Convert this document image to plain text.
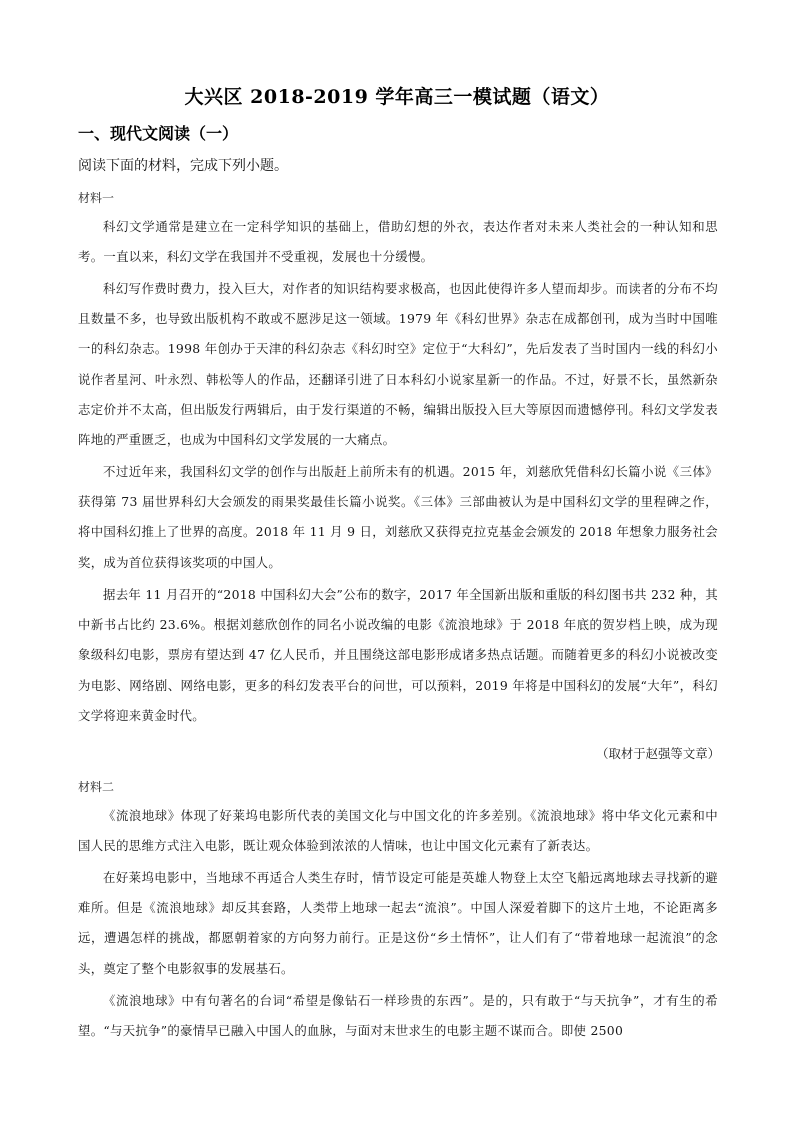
大兴区 2018-2019 学年高三一模试题（语文）
一、现代文阅读（一）
阅读下面的材料，完成下列小题。
材料一

科幻文学通常是建立在一定科学知识的基础上，借助幻想的外衣，表达作者对未来人类社会的一种认知和思考。一直以来，科幻文学在我国并不受重视，发展也十分缓慢。

科幻写作费时费力，投入巨大，对作者的知识结构要求极高，也因此使得许多人望而却步。而读者的分布不均且数量不多，也导致出版机构不敢或不愿涉足这一领域。1979 年《科幻世界》杂志在成都创刊，成为当时中国唯一的科幻杂志。1998 年创办于天津的科幻杂志《科幻时空》定位于“大科幻”，先后发表了当时国内一线的科幻小说作者星河、叶永烈、韩松等人的作品，还翻译引进了日本科幻小说家星新一的作品。不过，好景不长，虽然新杂志定价并不太高，但出版发行两辑后，由于发行渠道的不畅，编辑出版投入巨大等原因而遗憾停刊。科幻文学发表阵地的严重匮乏，也成为中国科幻文学发展的一大痛点。

不过近年来，我国科幻文学的创作与出版赶上前所未有的机遇。2015 年，刘慈欣凭借科幻长篇小说《三体》获得第 73 届世界科幻大会颁发的雨果奖最佳长篇小说奖。《三体》三部曲被认为是中国科幻文学的里程碑之作，将中国科幻推上了世界的高度。2018 年 11 月 9 日，刘慈欣又获得克拉克基金会颁发的 2018 年想象力服务社会奖，成为首位获得该奖项的中国人。

据去年 11 月召开的“2018 中国科幻大会”公布的数字，2017 年全国新出版和重版的科幻图书共 232 种，其中新书占比约 23.6%。根据刘慈欣创作的同名小说改编的电影《流浪地球》于 2018 年底的贺岁档上映，成为现象级科幻电影，票房有望达到 47 亿人民币，并且围绕这部电影形成诸多热点话题。而随着更多的科幻小说被改变为电影、网络剧、网络电影，更多的科幻发表平台的问世，可以预料，2019 年将是中国科幻的发展“大年”，科幻文学将迎来黄金时代。

（取材于赵强等文章）
材料二

《流浪地球》体现了好莱坞电影所代表的美国文化与中国文化的许多差别。《流浪地球》将中华文化元素和中国人民的思维方式注入电影，既让观众体验到浓浓的人情味，也让中国文化元素有了新表达。

在好莱坞电影中，当地球不再适合人类生存时，情节设定可能是英雄人物登上太空飞船远离地球去寻找新的避难所。但是《流浪地球》却反其套路，人类带上地球一起去“流浪”。中国人深爱着脚下的这片土地，不论距离多远，遭遇怎样的挑战，都愿朝着家的方向努力前行。正是这份“乡土情怀”，让人们有了“带着地球一起流浪”的念头，奠定了整个电影叙事的发展基石。

《流浪地球》中有句著名的台词“希望是像钻石一样珍贵的东西”。是的，只有敢于“与天抗争”，才有生的希望。“与天抗争”的豪情早已融入中国人的血脉，与面对末世求生的电影主题不谋而合。即使 2500
